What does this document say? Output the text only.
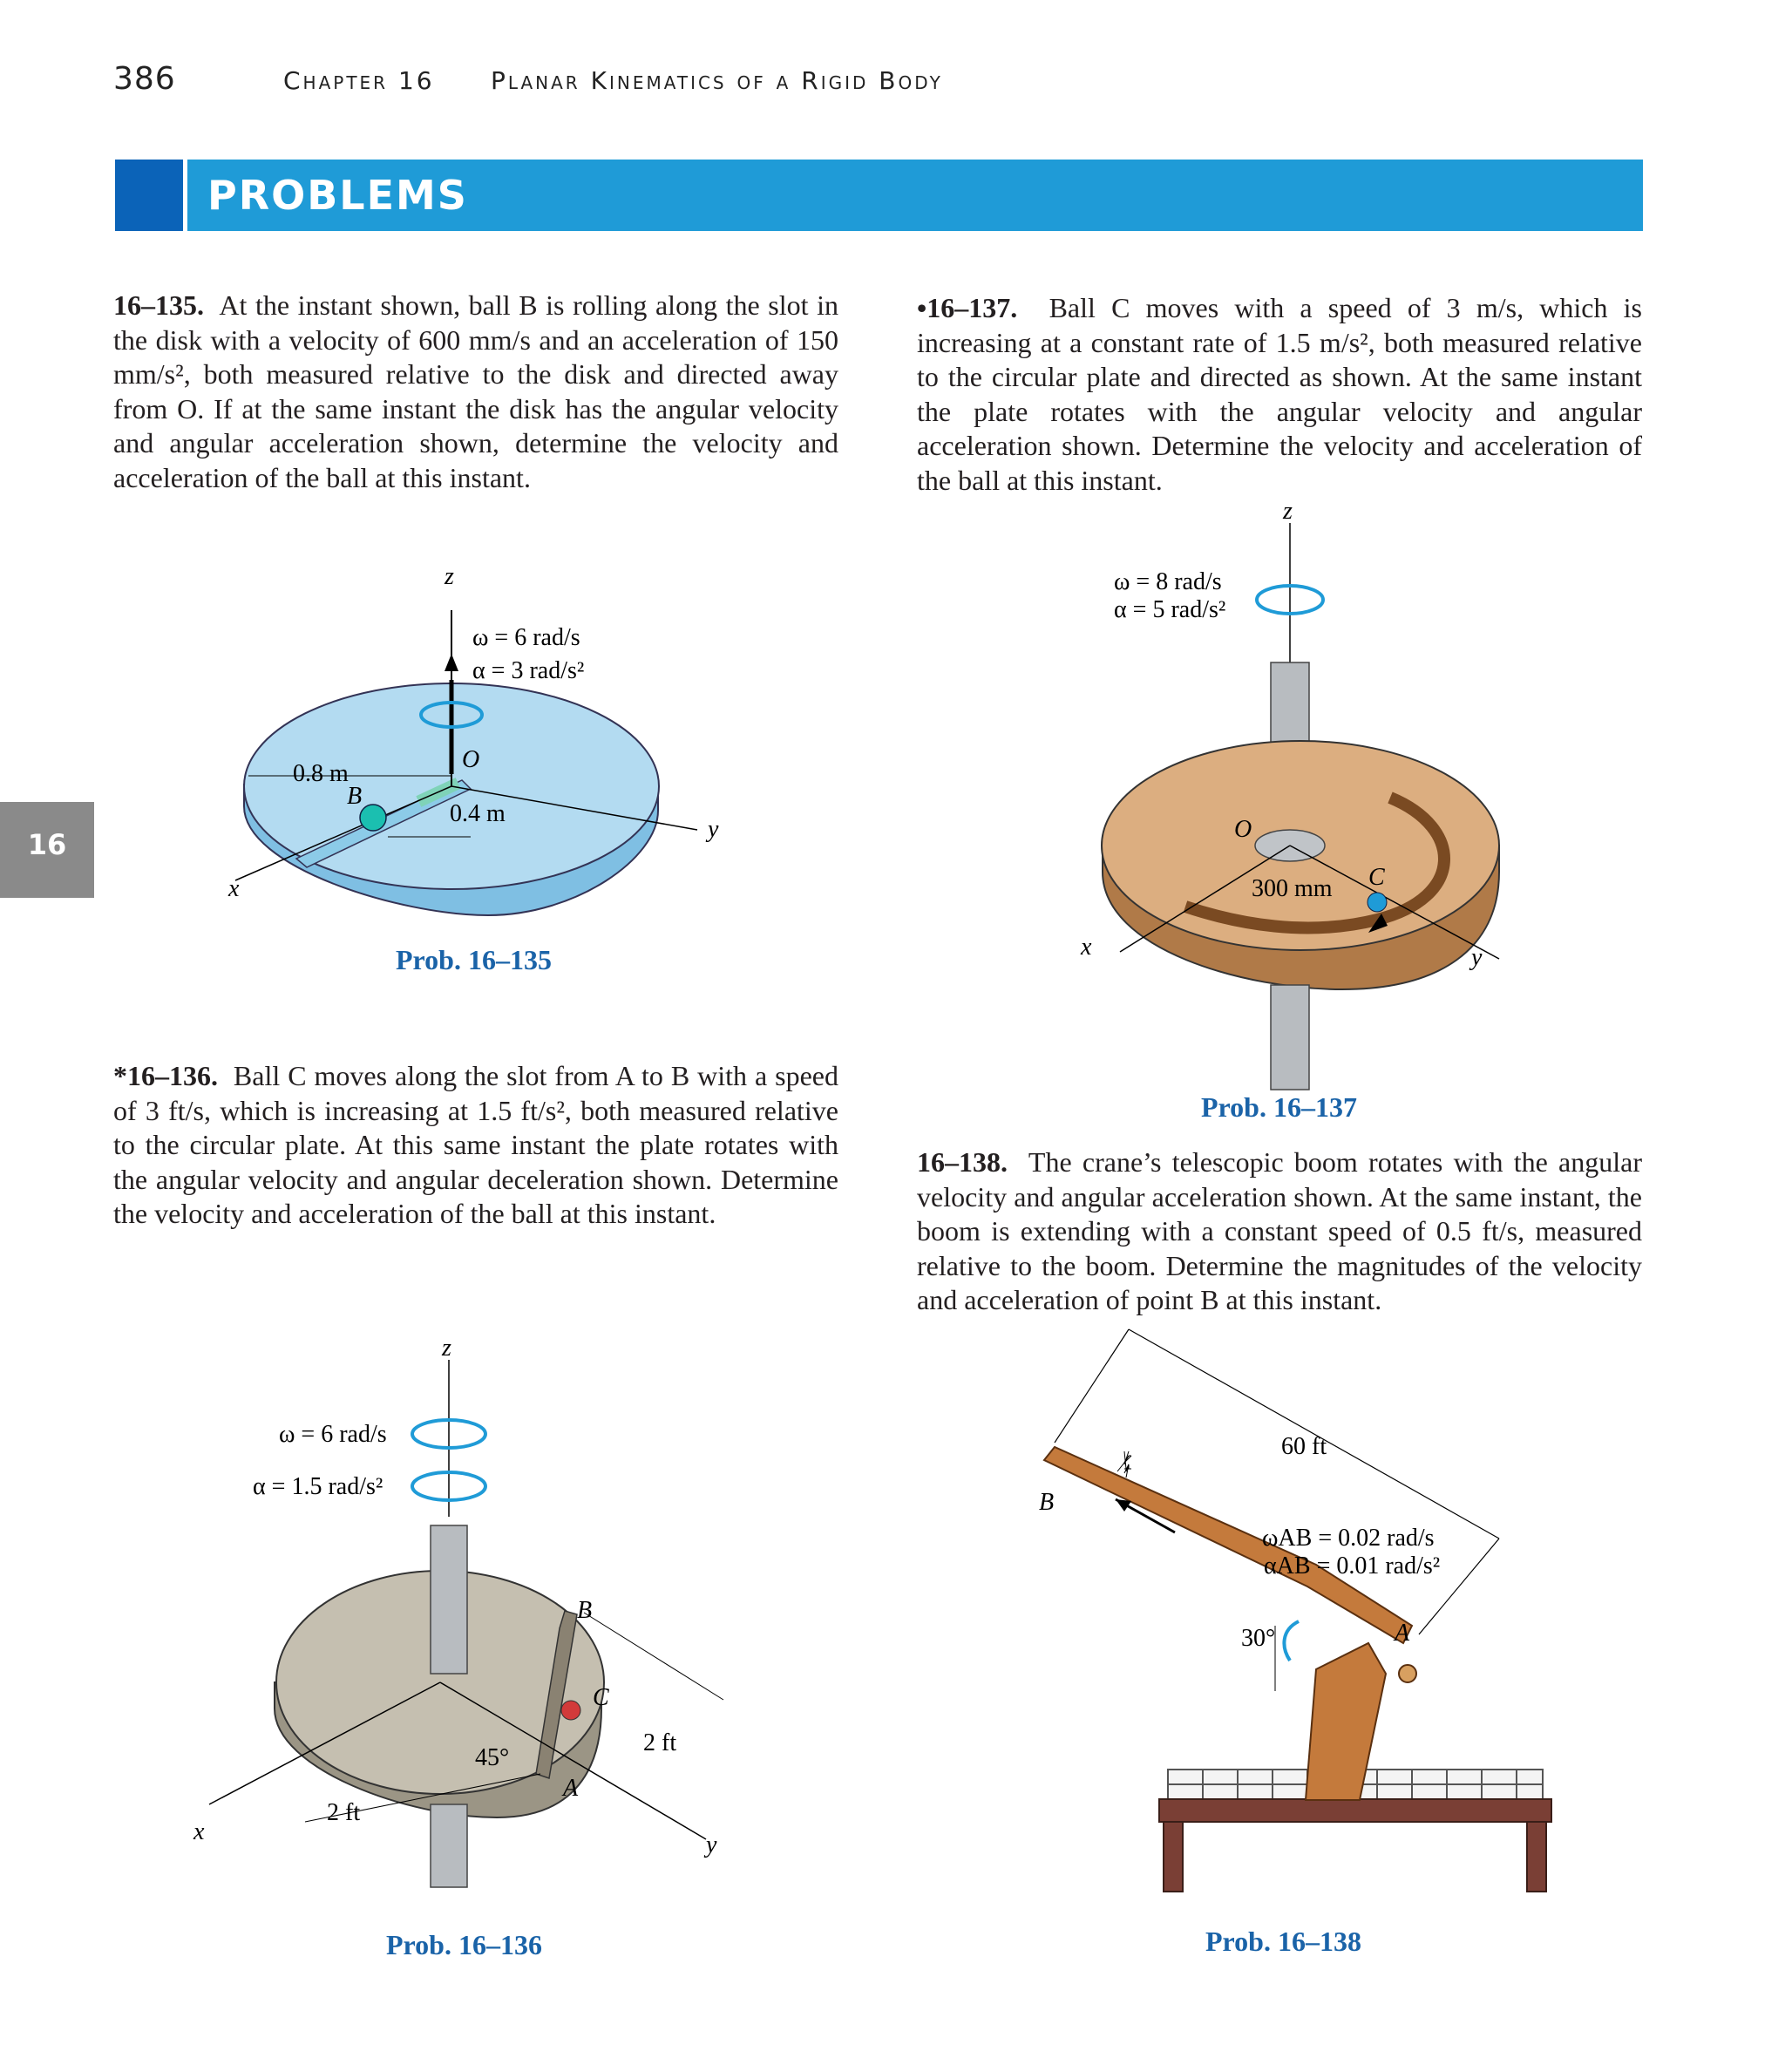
386	Chapter 16 Planar Kinematics of a Rigid Body
PROBLEMS
16
16–135. At the instant shown, ball B is rolling along the slot in the disk with a velocity of 600 mm/s and an acceleration of 150 mm/s², both measured relative to the disk and directed away from O. If at the same instant the disk has the angular velocity and angular acceleration shown, determine the velocity and acceleration of the ball at this instant.
•16–137. Ball C moves with a speed of 3 m/s, which is increasing at a constant rate of 1.5 m/s², both measured relative to the circular plate and directed as shown. At the same instant the plate rotates with the angular velocity and angular acceleration shown. Determine the velocity and acceleration of the ball at this instant.
*16–136. Ball C moves along the slot from A to B with a speed of 3 ft/s, which is increasing at 1.5 ft/s², both measured relative to the circular plate. At this same instant the plate rotates with the angular velocity and angular deceleration shown. Determine the velocity and acceleration of the ball at this instant.
16–138. The crane’s telescopic boom rotates with the angular velocity and angular acceleration shown. At the same instant, the boom is extending with a constant speed of 0.5 ft/s, measured relative to the boom. Determine the magnitudes of the velocity and acceleration of point B at this instant.
z
ω = 6 rad/s
α = 3 rad/s²
O
0.8 m
B
0.4 m
y
x
Prob. 16–135
z
ω = 8 rad/s
α = 5 rad/s²
O
300 mm C
x	y
Prob. 16–137
z
ω = 6 rad/s
α = 1.5 rad/s²
B
C
A
45°
2 ft
2 ft
x	y
Prob. 16–136
60 ft
B
ωAB = 0.02 rad/s
αAB = 0.01 rad/s²
30°	A
Prob. 16–138
